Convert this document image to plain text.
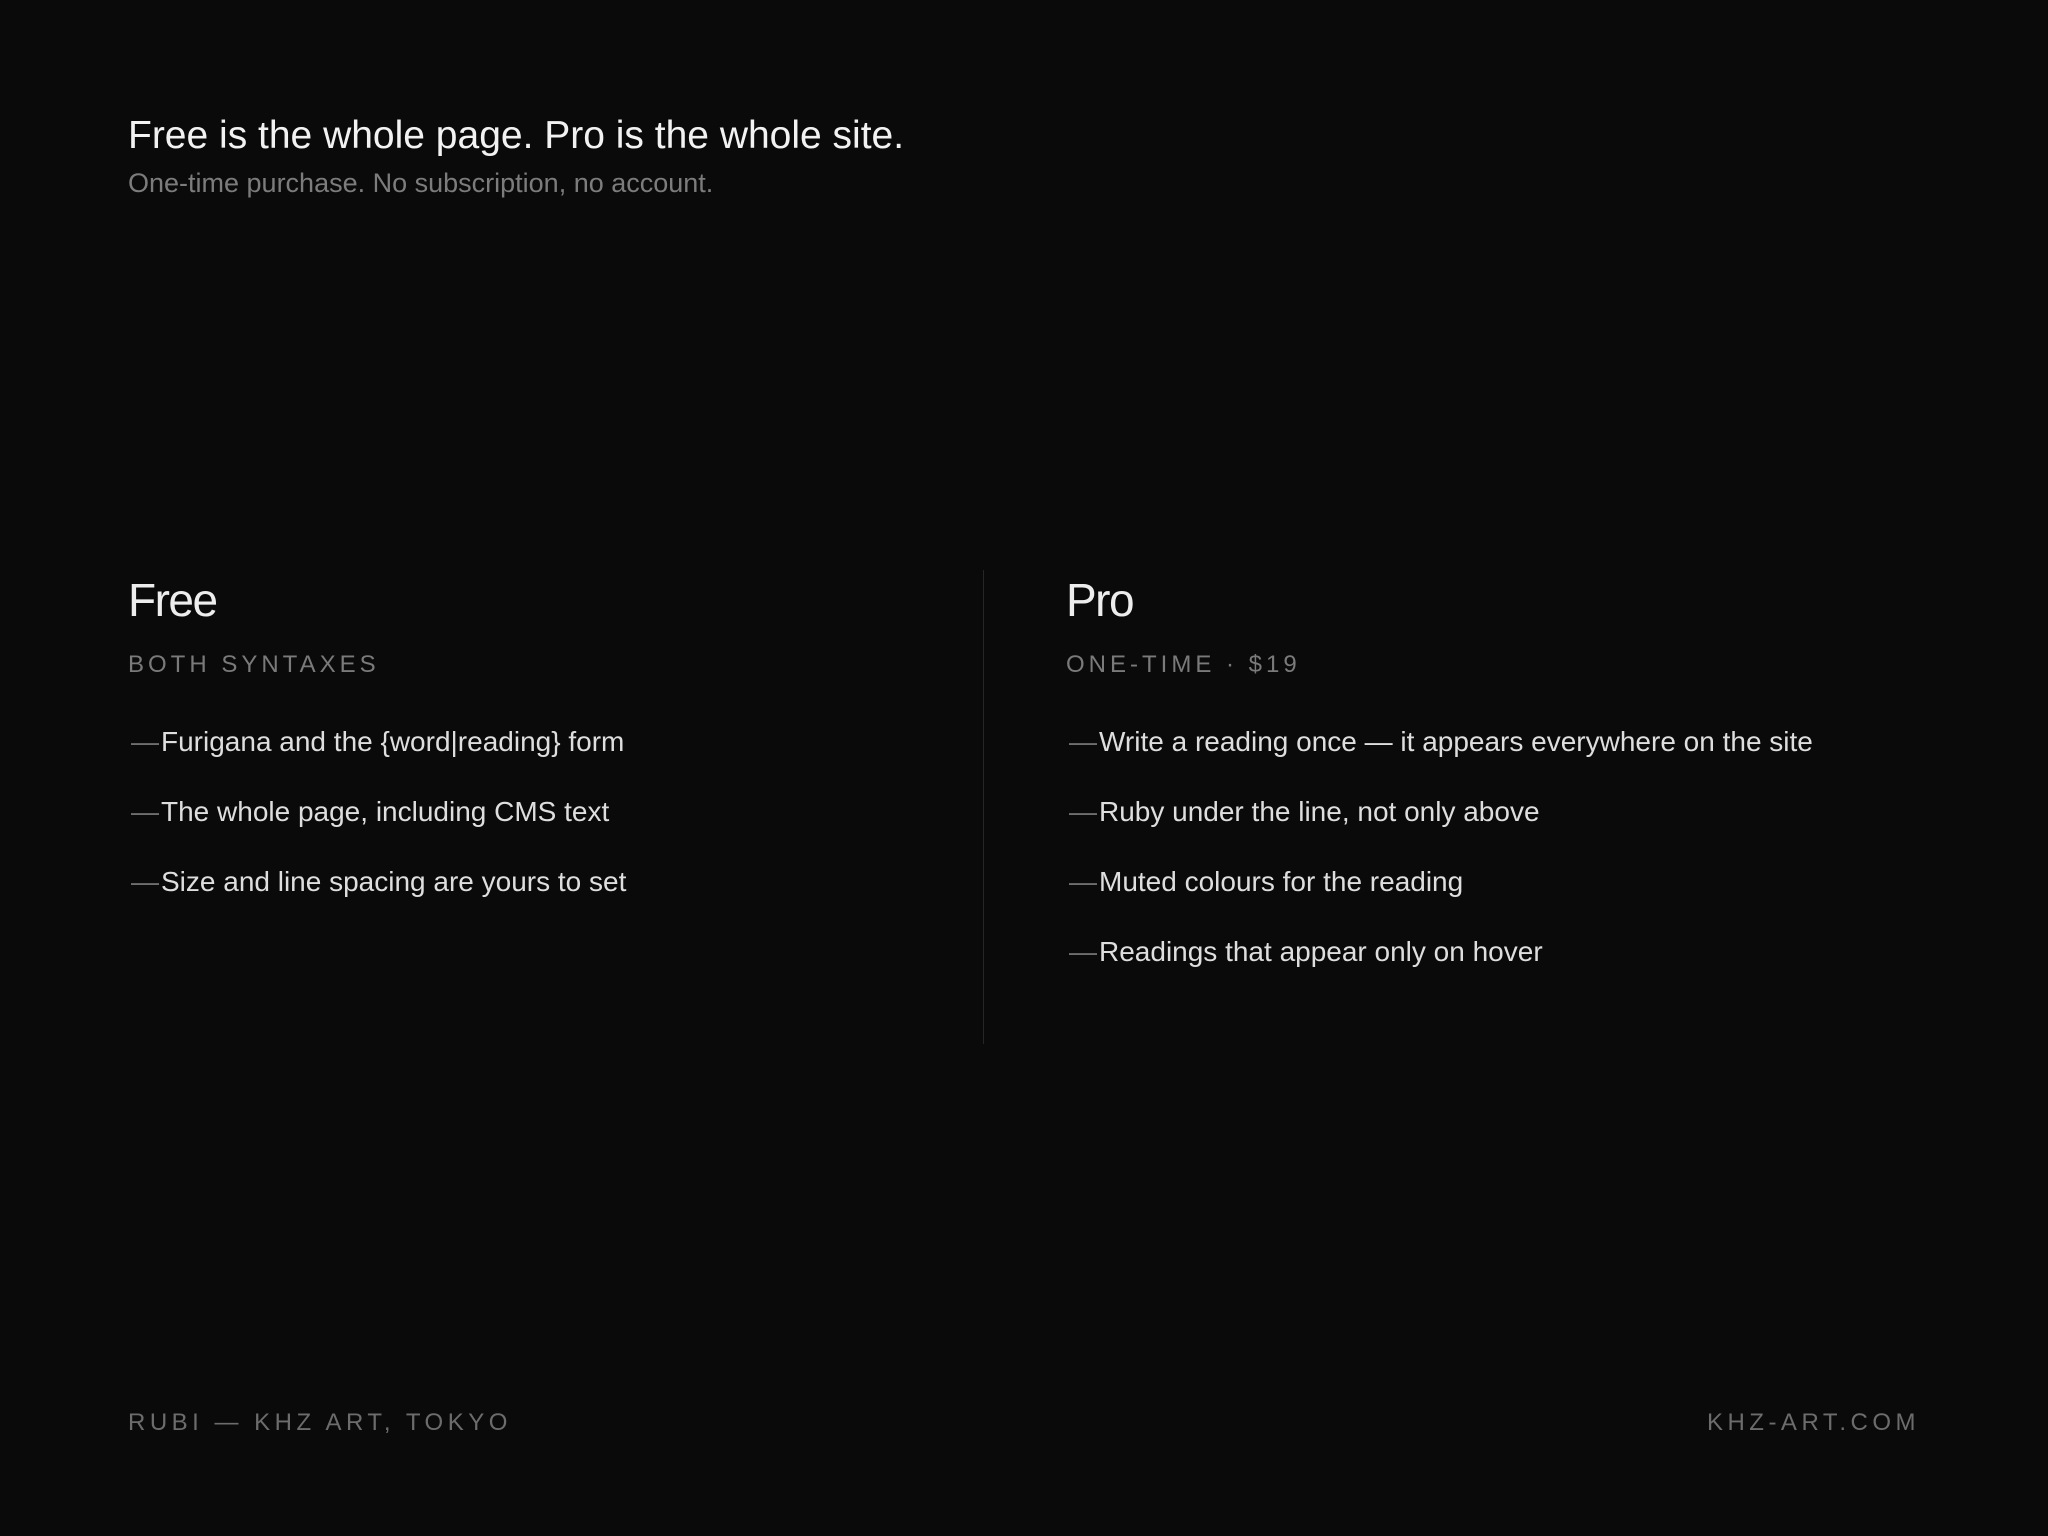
Free is the whole page. Pro is the whole site.
One-time purchase. No subscription, no account.
Free
BOTH SYNTAXES
— Furigana and the {word|reading} form
— The whole page, including CMS text
— Size and line spacing are yours to set
Pro
ONE-TIME · $19
— Write a reading once — it appears everywhere on the site
— Ruby under the line, not only above
— Muted colours for the reading
— Readings that appear only on hover
RUBI — KHZ ART, TOKYO	KHZ-ART.COM
